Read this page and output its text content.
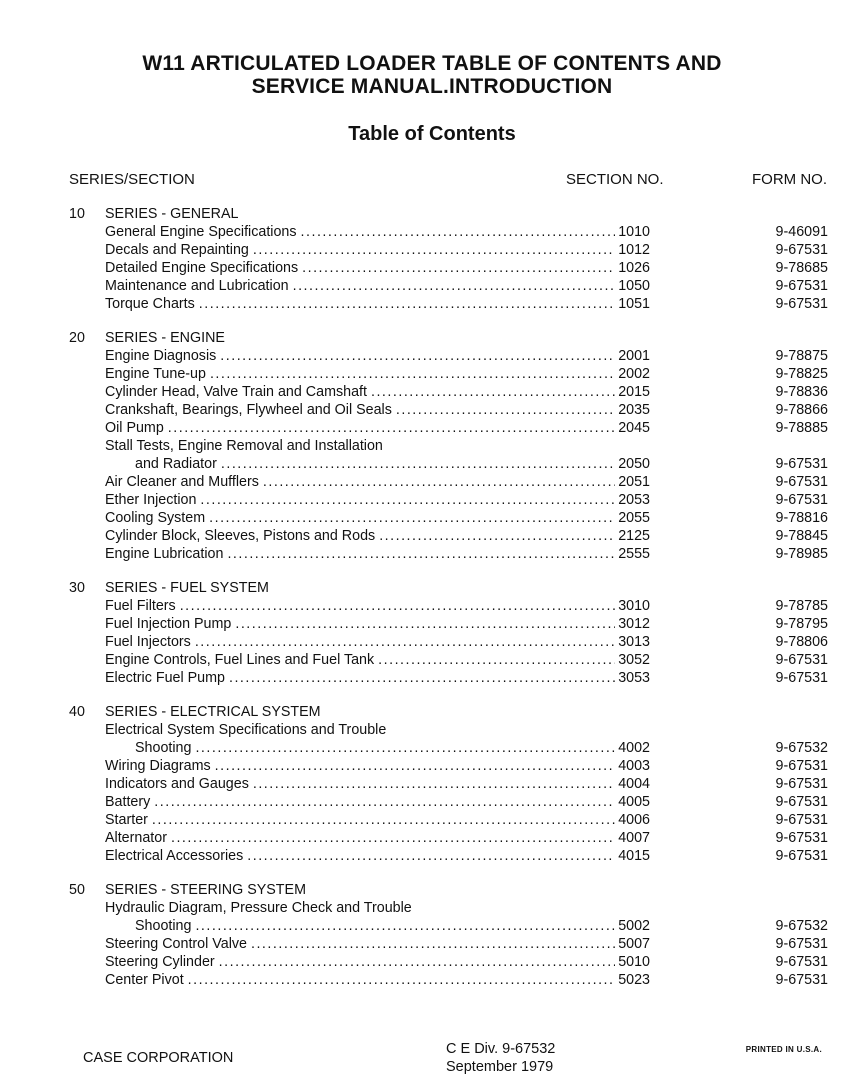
W11 ARTICULATED LOADER TABLE OF CONTENTS AND
SERVICE MANUAL.INTRODUCTION
Table of Contents
SERIES/SECTION	SECTION NO.	FORM NO.
10 SERIES - GENERAL
General Engine Specifications .....	1010	9-46091
Decals and Repainting .....	1012	9-67531
Detailed Engine Specifications .....	1026	9-78685
Maintenance and Lubrication .....	1050	9-67531
Torque Charts .....	1051	9-67531
20 SERIES - ENGINE
Engine Diagnosis .....	2001	9-78875
Engine Tune-up .....	2002	9-78825
Cylinder Head, Valve Train and Camshaft .....	2015	9-78836
Crankshaft, Bearings, Flywheel and Oil Seals .....	2035	9-78866
Oil Pump .....	2045	9-78885
Stall Tests, Engine Removal and Installation
and Radiator .....	2050	9-67531
Air Cleaner and Mufflers .....	2051	9-67531
Ether Injection .....	2053	9-67531
Cooling System .....	2055	9-78816
Cylinder Block, Sleeves, Pistons and Rods .....	2125	9-78845
Engine Lubrication .....	2555	9-78985
30 SERIES - FUEL SYSTEM
Fuel Filters .....	3010	9-78785
Fuel Injection Pump .....	3012	9-78795
Fuel Injectors .....	3013	9-78806
Engine Controls, Fuel Lines and Fuel Tank .....	3052	9-67531
Electric Fuel Pump .....	3053	9-67531
40 SERIES - ELECTRICAL SYSTEM
Electrical System Specifications and Trouble
Shooting .....	4002	9-67532
Wiring Diagrams .....	4003	9-67531
Indicators and Gauges .....	4004	9-67531
Battery .....	4005	9-67531
Starter .....	4006	9-67531
Alternator .....	4007	9-67531
Electrical Accessories .....	4015	9-67531
50 SERIES - STEERING SYSTEM
Hydraulic Diagram, Pressure Check and Trouble
Shooting .....	5002	9-67532
Steering Control Valve .....	5007	9-67531
Steering Cylinder .....	5010	9-67531
Center Pivot .....	5023	9-67531
CASE CORPORATION
C E Div. 9-67532
September 1979
PRINTED IN U.S.A.
